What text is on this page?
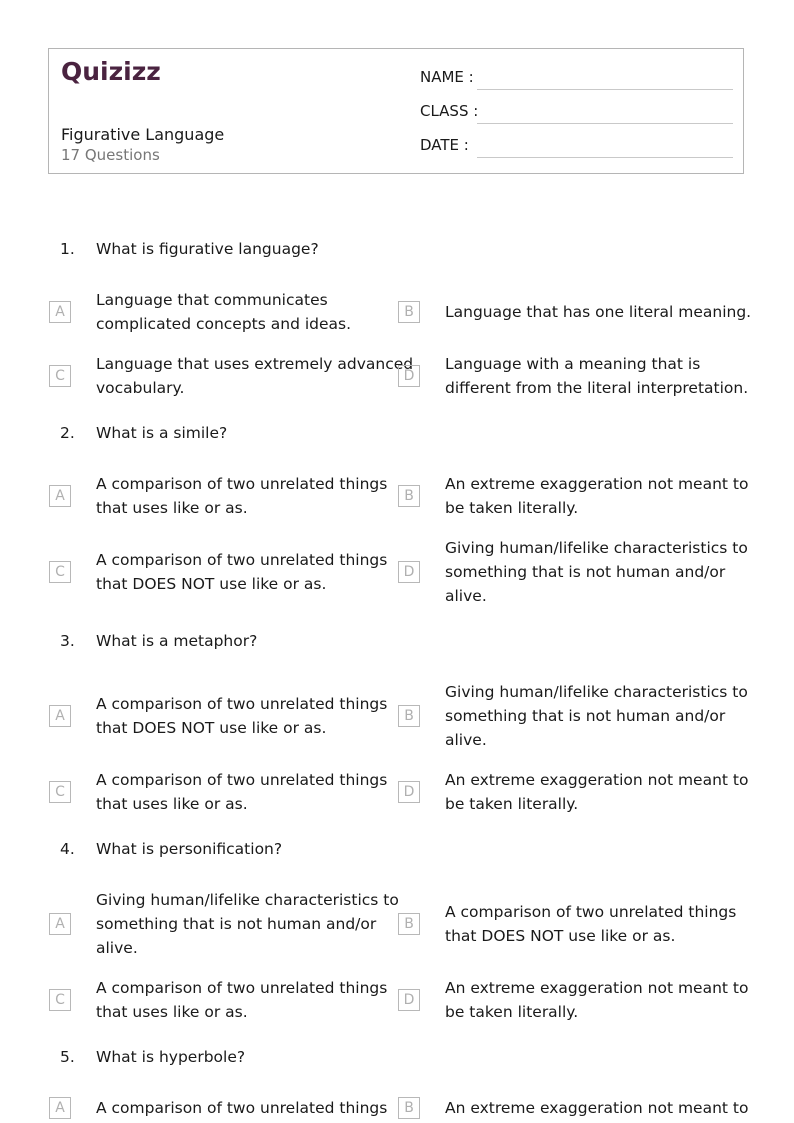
Quizizz
Figurative Language
17 Questions
NAME :
CLASS :
DATE :
1. What is figurative language?
A
Language that communicates
complicated concepts and ideas.
B	Language that has one literal meaning.
C
Language that uses extremely advanced
vocabulary.
D
Language with a meaning that is
different from the literal interpretation.
2. What is a simile?
A
A comparison of two unrelated things
that uses like or as.
B
An extreme exaggeration not meant to
be taken literally.
C
A comparison of two unrelated things
that DOES NOT use like or as.
D
Giving human/lifelike characteristics to
something that is not human and/or
alive.
3. What is a metaphor?
A
A comparison of two unrelated things
that DOES NOT use like or as.
B
Giving human/lifelike characteristics to
something that is not human and/or
alive.
C
A comparison of two unrelated things
that uses like or as.
D
An extreme exaggeration not meant to
be taken literally.
4. What is personification?
A
Giving human/lifelike characteristics to
something that is not human and/or
alive.
B
A comparison of two unrelated things
that DOES NOT use like or as.
C
A comparison of two unrelated things
that uses like or as.
D
An extreme exaggeration not meant to
be taken literally.
5. What is hyperbole?
A	A comparison of two unrelated things	B	An extreme exaggeration not meant to
